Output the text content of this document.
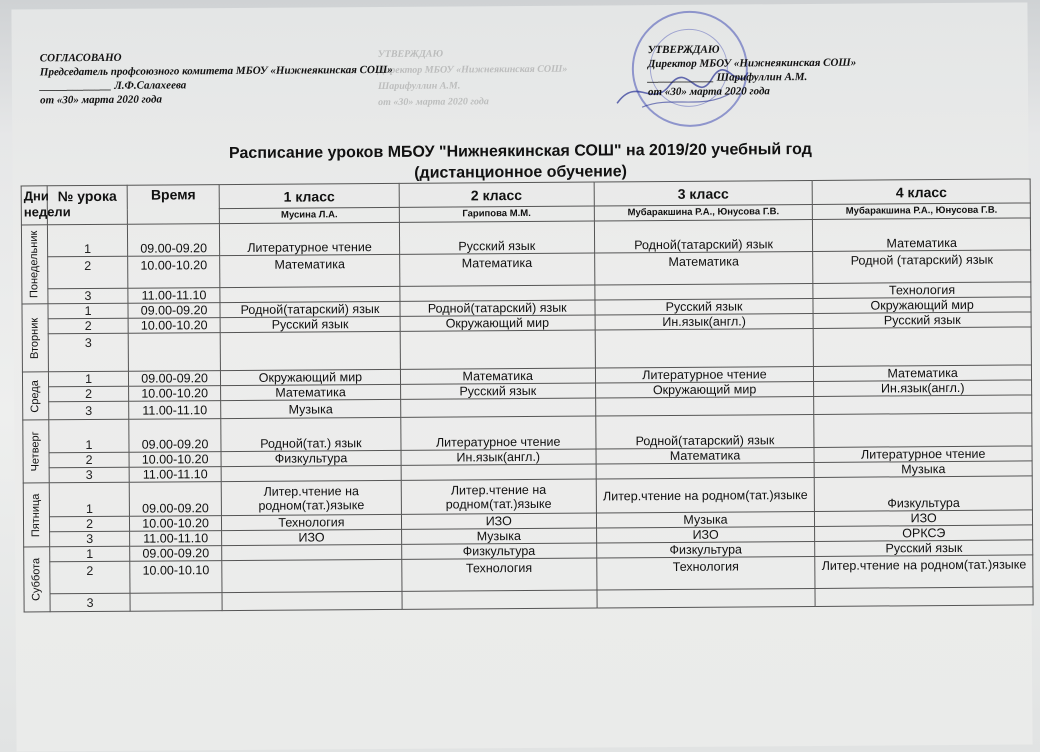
УТВЕРЖДАЮ
Директор МБОУ «Нижнеякинская СОШ»
Шарифуллин А.М.
от «30» марта 2020 года
СОГЛАСОВАНО
Председатель профсоюзного комитета МБОУ «Нижнеякинская СОШ»
_____________ Л.Ф.Салахеева
от «30» марта 2020 года
УТВЕРЖДАЮ
Директор МБОУ «Нижнеякинская СОШ»
____________ Шарифуллин А.М.
от «30» марта 2020 года
Расписание уроков МБОУ "Нижнеякинская СОШ" на 2019/20 учебный год
(дистанционное обучение)
Дни недели	№ урока	Время	1 класс	2 класс	3 класс	4 класс
			Мусина Л.А.	Гарипова М.М.	Мубаракшина Р.А., Юнусова Г.В.	Мубаракшина Р.А., Юнусова Г.В.

Понедельник	1	09.00-09.20	Литературное чтение	Русский язык	Родной(татарский) язык	Математика
	2	10.00-10.20	Математика	Математика	Математика	Родной (татарский) язык
	3	11.00-11.10				Технология

Вторник	1	09.00-09.20	Родной(татарский) язык	Родной(татарский) язык	Русский язык	Окружающий мир
	2	10.00-10.20	Русский язык	Окружающий мир	Ин.язык(англ.)	Русский язык
	3					

Среда	1	09.00-09.20	Окружающий мир	Математика	Литературное чтение	Математика
	2	10.00-10.20	Математика	Русский язык	Окружающий мир	Ин.язык(англ.)
	3	11.00-11.10	Музыка			

Четверг	1	09.00-09.20	Родной(тат.) язык	Литературное чтение	Родной(татарский) язык	
	2	10.00-10.20	Физкультура	Ин.язык(англ.)	Математика	Литературное чтение
	3	11.00-11.10				Музыка

Пятница	1	09.00-09.20	Литер.чтение на родном(тат.)языке	Литер.чтение на родном(тат.)языке	Литер.чтение на родном(тат.)языке	Физкультура
	2	10.00-10.20	Технология	ИЗО	Музыка	ИЗО
	3	11.00-11.10	ИЗО	Музыка	ИЗО	ОРКСЭ

Суббота	1	09.00-09.20		Физкультура	Физкультура	Русский язык
	2	10.00-10.10		Технология	Технология	Литер.чтение на родном(тат.)языке
	3					
